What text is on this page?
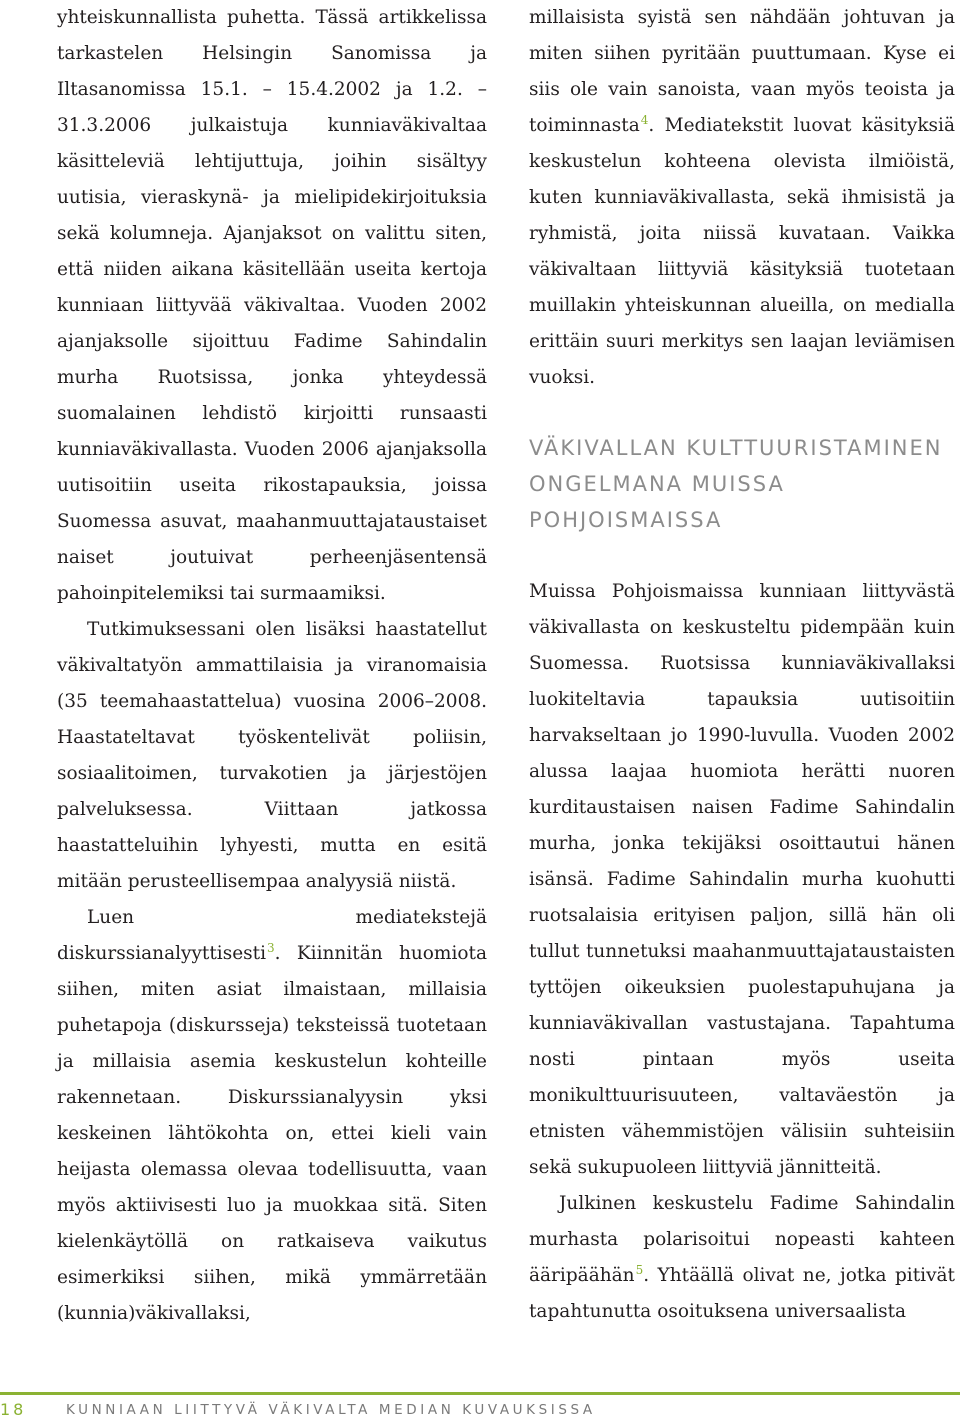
yhteiskunnallista puhetta. Tässä artikkelissa tarkastelen Helsingin Sanomissa ja Iltasanomissa 15.1. – 15.4.2002 ja 1.2. – 31.3.2006 julkaistuja kunniaväkivaltaa käsitteleviä lehtijuttuja, joihin sisältyy uutisia, vieraskynä- ja mielipidekirjoituksia sekä kolumneja. Ajanjaksot on valittu siten, että niiden aikana käsitellään useita kertoja kunniaan liittyvää väkivaltaa. Vuoden 2002 ajanjaksolle sijoittuu Fadime Sahindalin murha Ruotsissa, jonka yhteydessä suomalainen lehdistö kirjoitti runsaasti kunniaväkivallasta. Vuoden 2006 ajanjaksolla uutisoitiin useita rikostapauksia, joissa Suomessa asuvat, maahanmuuttajataustaiset naiset joutuivat perheenjäsentensä pahoinpitelemiksi tai surmaamiksi.

Tutkimuksessani olen lisäksi haastatellut väkivaltatyön ammattilaisia ja viranomaisia (35 teemahaastattelua) vuosina 2006–2008. Haastateltavat työskentelivät poliisin, sosiaalitoimen, turvakotien ja järjestöjen palveluksessa. Viittaan jatkossa haastatteluihin lyhyesti, mutta en esitä mitään perusteellisempaa analyysiä niistä.

Luen mediatekstejä diskurssianalyyttisesti$^3$. Kiinnitän huomiota siihen, miten asiat ilmaistaan, millaisia puhetapoja (diskursseja) teksteissä tuotetaan ja millaisia asemia keskustelun kohteille rakennetaan. Diskurssianalyysin yksi keskeinen lähtökohta on, ettei kieli vain heijasta olemassa olevaa todellisuutta, vaan myös aktiivisesti luo ja muokkaa sitä. Siten kielenkäytöllä on ratkaiseva vaikutus esimerkiksi siihen, mikä ymmärretään (kunnia)väkivallaksi,

millaisista syistä sen nähdään johtuvan ja miten siihen pyritään puuttumaan. Kyse ei siis ole vain sanoista, vaan myös teoista ja toiminnasta$^4$. Mediatekstit luovat käsityksiä keskustelun kohteena olevista ilmiöistä, kuten kunniaväkivallasta, sekä ihmisistä ja ryhmistä, joita niissä kuvataan. Vaikka väkivaltaan liittyviä käsityksiä tuotetaan muillakin yhteiskunnan alueilla, on medialla erittäin suuri merkitys sen laajan leviämisen vuoksi.

VÄKIVALLAN KULTTUURISTAMINEN
ONGELMANA MUISSA
POHJOISMAISSA

Muissa Pohjoismaissa kunniaan liittyvästä väkivallasta on keskusteltu pidempään kuin Suomessa. Ruotsissa kunniaväkivallaksi luokiteltavia tapauksia uutisoitiin harvakseltaan jo 1990-luvulla. Vuoden 2002 alussa laajaa huomiota herätti nuoren kurditaustaisen naisen Fadime Sahindalin murha, jonka tekijäksi osoittautui hänen isänsä. Fadime Sahindalin murha kuohutti ruotsalaisia erityisen paljon, sillä hän oli tullut tunnetuksi maahanmuuttajataustaisten tyttöjen oikeuksien puolestapuhujana ja kunniaväkivallan vastustajana. Tapahtuma nosti pintaan myös useita monikulttuurisuuteen, valtaväestön ja etnisten vähemmistöjen välisiin suhteisiin sekä sukupuoleen liittyviä jännitteitä.

Julkinen keskustelu Fadime Sahindalin murhasta polarisoitui nopeasti kahteen ääripäähän$^5$. Yhtäällä olivat ne, jotka pitivät tapahtunutta osoituksena universaalista

18	KUNNIAAN LIITTYVÄ VÄKIVALTA MEDIAN KUVAUKSISSA
